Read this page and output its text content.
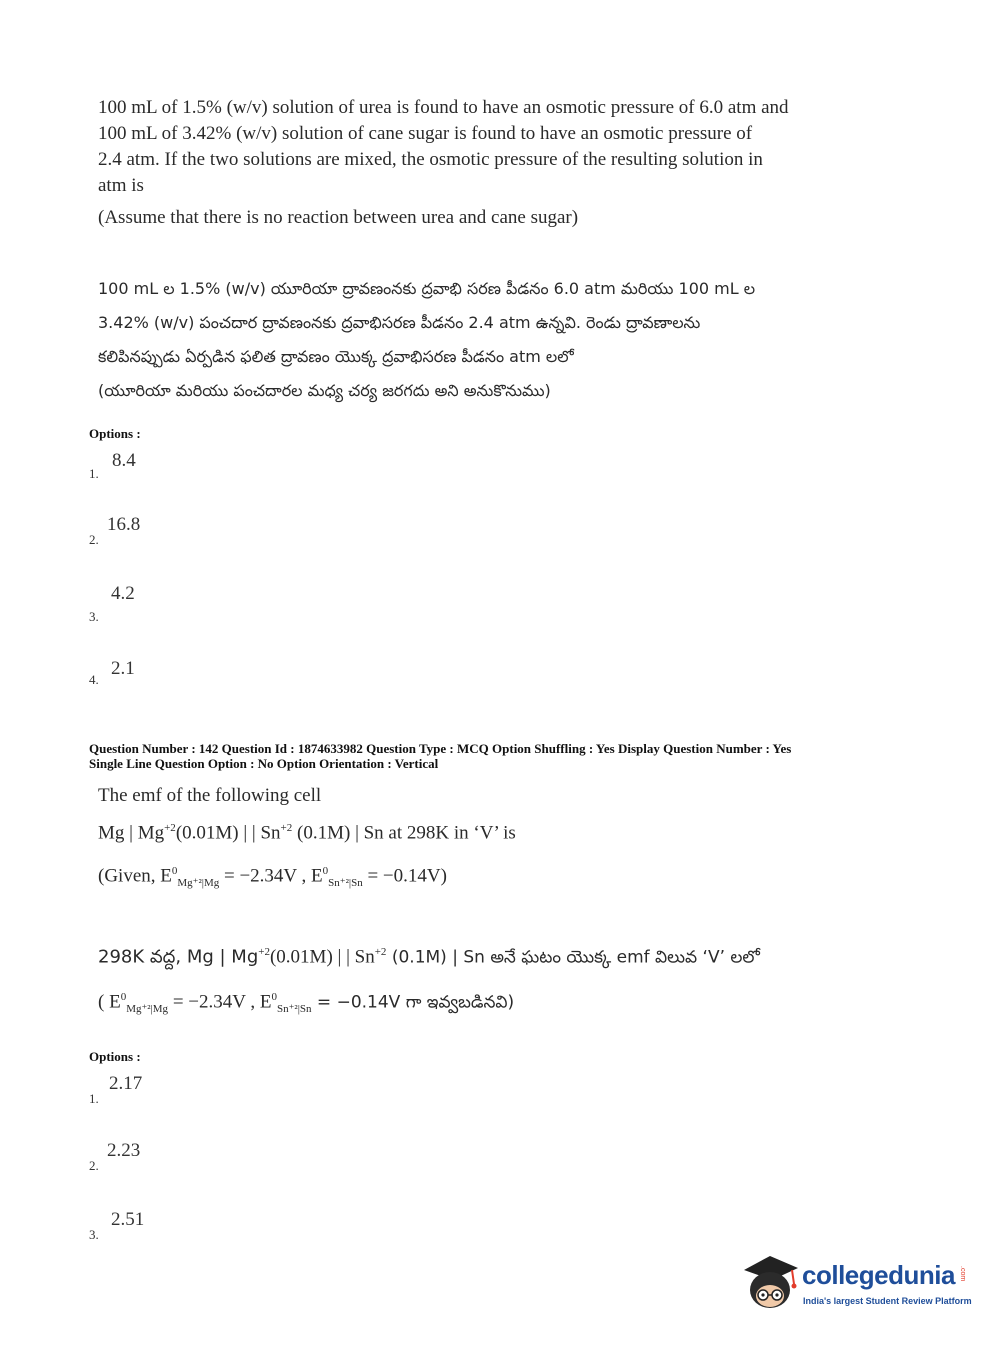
100 mL of 1.5% (w/v) solution of urea is found to have an osmotic pressure of 6.0 atm and
100 mL of 3.42% (w/v) solution of cane sugar is found to have an osmotic pressure of
2.4 atm. If the two solutions are mixed, the osmotic pressure of the resulting solution in
atm is
(Assume that there is no reaction between urea and cane sugar)
100 mL ల 1.5% (w/v) యూరియా ద్రావణంనకు ద్రవాభి సరణ పీడనం 6.0 atm మరియు 100 mL ల
3.42% (w/v) పంచదార ద్రావణంనకు ద్రవాభిసరణ పీడనం 2.4 atm ఉన్నవి. రెండు ద్రావణాలను
కలిపినప్పుడు ఏర్పడిన ఫలిత ద్రావణం యొక్క ద్రవాభిసరణ పీడనం atm లలో
(యూరియా మరియు పంచదారల మధ్య చర్య జరగదు అని అనుకొనుము)
Options :
1.
8.4
2.
16.8
3.
4.2
4.
2.1
Question Number : 142 Question Id : 1874633982 Question Type : MCQ Option Shuffling : Yes Display Question Number : Yes
Single Line Question Option : No Option Orientation : Vertical
The emf of the following cell
Mg | $Mg^{+2}(0.01M)$ | | $Sn^{+2}$ (0.1M) | Sn at 298K in ‘V’ is
(Given, $E^0_{Mg^{+2}|Mg} = -2.34V$ , $E^0_{Sn^{+2}|Sn} = -0.14V$)
298K వద్ద, Mg | $Mg^{+2}(0.01M)$ | | $Sn^{+2}$ (0.1M) | Sn అనే ఘటం యొక్క emf విలువ ‘V’ లలో
( $E^0_{Mg^{+2}|Mg} = -2.34V$ , $E^0_{Sn^{+2}|Sn} = -0.14V$ గా ఇవ్వబడినవి)
Options :
1.
2.17
2.
2.23
3.
2.51
collegedunia .com
India's largest Student Review Platform
